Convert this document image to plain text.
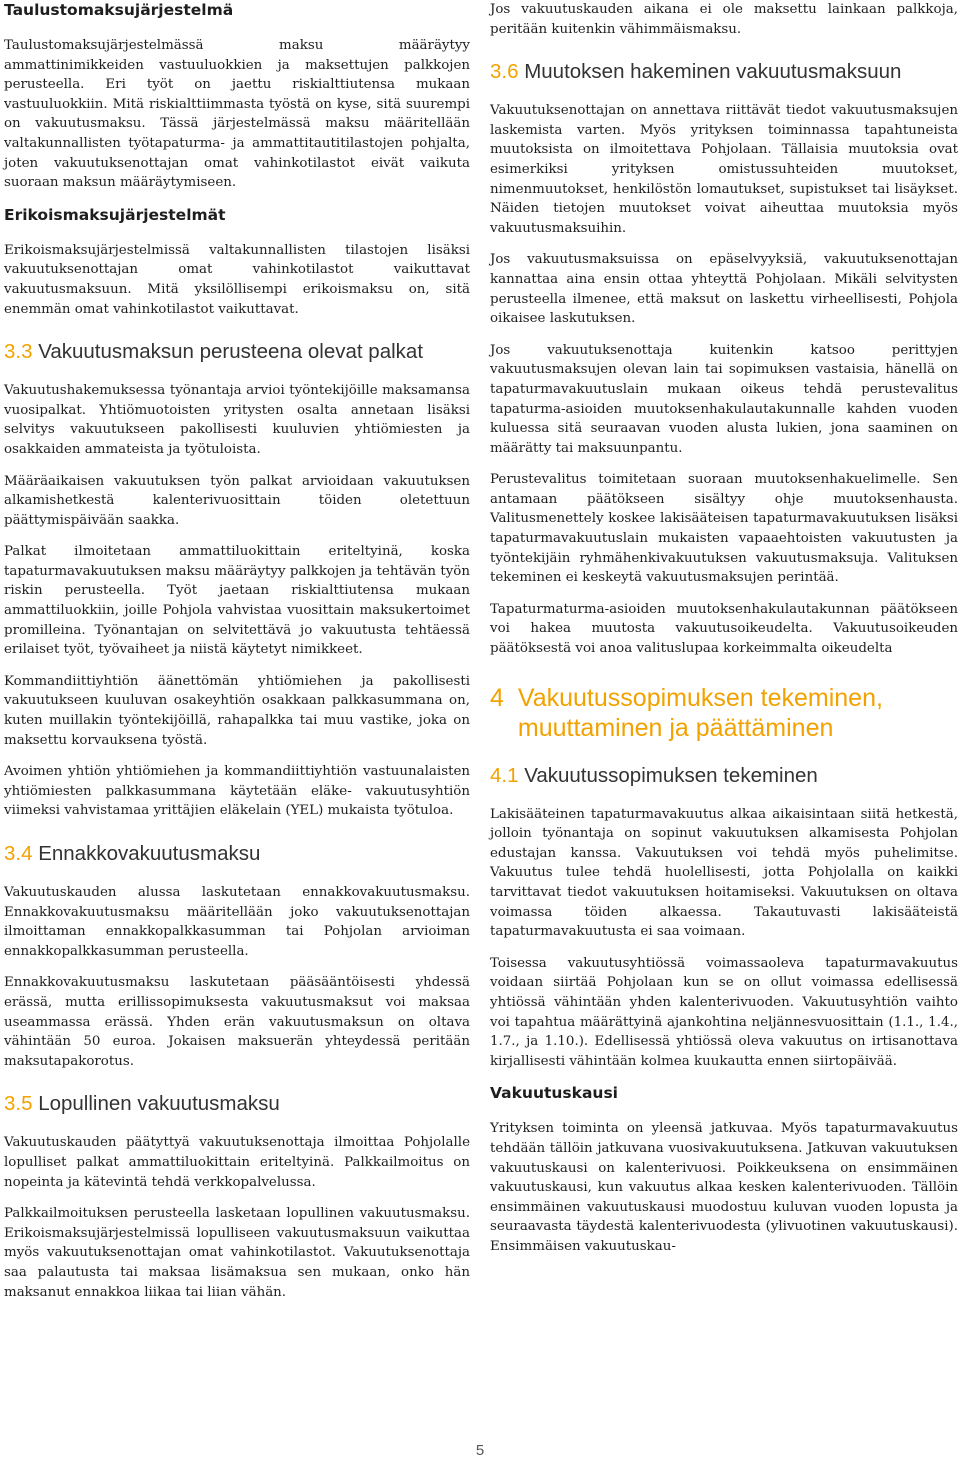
Taulustomaksujärjestelmä

Taulustomaksujärjestelmässä maksu määräytyy ammattinimikkeiden vastuuluokkien ja maksettujen palkkojen perusteella. Eri työt on jaettu riskialttiutensa mukaan vastuuluokkiin. Mitä riskialttiimmasta työstä on kyse, sitä suurempi on vakuutusmaksu. Tässä järjestelmässä maksu määritellään valtakunnallisten työtapaturma- ja ammattitautitilastojen pohjalta, joten vakuutuksenottajan omat vahinkotilastot eivät vaikuta suoraan maksun määräytymiseen.

Erikoismaksujärjestelmät

Erikoismaksujärjestelmissä valtakunnallisten tilastojen lisäksi vakuutuksenottajan omat vahinkotilastot vaikuttavat vakuutusmaksuun. Mitä yksilöllisempi erikoismaksu on, sitä enemmän omat vahinkotilastot vaikuttavat.

3.3 Vakuutusmaksun perusteena olevat palkat

Vakuutushakemuksessa työnantaja arvioi työntekijöille maksamansa vuosipalkat. Yhtiömuotoisten yritysten osalta annetaan lisäksi selvitys vakuutukseen pakollisesti kuuluvien yhtiömiesten ja osakkaiden ammateista ja työtuloista.

Määräaikaisen vakuutuksen työn palkat arvioidaan vakuutuksen alkamishetkestä kalenterivuosittain töiden oletettuun päättymispäivään saakka.

Palkat ilmoitetaan ammattiluokittain eriteltyinä, koska tapaturmavakuutuksen maksu määräytyy palkkojen ja tehtävän työn riskin perusteella. Työt jaetaan riskialttiutensa mukaan ammattiluokkiin, joille Pohjola vahvistaa vuosittain maksukertoimet promilleina. Työnantajan on selvitettävä jo vakuutusta tehtäessä erilaiset työt, työvaiheet ja niistä käytetyt nimikkeet.

Kommandiittiyhtiön äänettömän yhtiömiehen ja pakollisesti vakuutukseen kuuluvan osakeyhtiön osakkaan palkkasummana on, kuten muillakin työntekijöillä, rahapalkka tai muu vastike, joka on maksettu korvauksena työstä.

Avoimen yhtiön yhtiömiehen ja kommandiittiyhtiön vastuunalaisten yhtiömiesten palkkasummana käytetään eläke- vakuutusyhtiön viimeksi vahvistamaa yrittäjien eläkelain (YEL) mukaista työtuloa.

3.4 Ennakkovakuutusmaksu

Vakuutuskauden alussa laskutetaan ennakkovakuutusmaksu. Ennakkovakuutusmaksu määritellään joko vakuutuksenottajan ilmoittaman ennakkopalkkasumman tai Pohjolan arvioiman ennakkopalkkasumman perusteella.

Ennakkovakuutusmaksu laskutetaan pääsääntöisesti yhdessä erässä, mutta erillissopimuksesta vakuutusmaksut voi maksaa useammassa erässä. Yhden erän vakuutusmaksun on oltava vähintään 50 euroa. Jokaisen maksuerän yhteydessä peritään maksutapakorotus.

3.5 Lopullinen vakuutusmaksu

Vakuutuskauden päätyttyä vakuutuksenottaja ilmoittaa Pohjolalle lopulliset palkat ammattiluokittain eriteltyinä. Palkkailmoitus on nopeinta ja kätevintä tehdä verkkopalvelussa.

Palkkailmoituksen perusteella lasketaan lopullinen vakuutusmaksu. Erikoismaksujärjestelmissä lopulliseen vakuutusmaksuun vaikuttaa myös vakuutuksenottajan omat vahinkotilastot. Vakuutuksenottaja saa palautusta tai maksaa lisämaksua sen mukaan, onko hän maksanut ennakkoa liikaa tai liian vähän.

Jos vakuutuskauden aikana ei ole maksettu lainkaan palkkoja, peritään kuitenkin vähimmäismaksu.

3.6 Muutoksen hakeminen vakuutusmaksuun

Vakuutuksenottajan on annettava riittävät tiedot vakuutusmaksujen laskemista varten. Myös yrityksen toiminnassa tapahtuneista muutoksista on ilmoitettava Pohjolaan. Tällaisia muutoksia ovat esimerkiksi yrityksen omistussuhteiden muutokset, nimenmuutokset, henkilöstön lomautukset, supistukset tai lisäykset. Näiden tietojen muutokset voivat aiheuttaa muutoksia myös vakuutusmaksuihin.

Jos vakuutusmaksuissa on epäselvyyksiä, vakuutuksenottajan kannattaa aina ensin ottaa yhteyttä Pohjolaan. Mikäli selvitysten perusteella ilmenee, että maksut on laskettu virheellisesti, Pohjola oikaisee laskutuksen.

Jos vakuutuksenottaja kuitenkin katsoo perittyjen vakuutusmaksujen olevan lain tai sopimuksen vastaisia, hänellä on tapaturmavakuutuslain mukaan oikeus tehdä perustevalitus tapaturma-asioiden muutoksenhakulautakunnalle kahden vuoden kuluessa sitä seuraavan vuoden alusta lukien, jona saaminen on määrätty tai maksuunpantu.

Perustevalitus toimitetaan suoraan muutoksenhakuelimelle. Sen antamaan päätökseen sisältyy ohje muutoksenhausta. Valitusmenettely koskee lakisääteisen tapaturmavakuutuksen lisäksi tapaturmavakuutuslain mukaisten vapaaehtoisten vakuutusten ja työntekijäin ryhmähenkivakuutuksen vakuutusmaksuja. Valituksen tekeminen ei keskeytä vakuutusmaksujen perintää.

Tapaturmaturma-asioiden muutoksenhakulautakunnan päätökseen voi hakea muutosta vakuutusoikeudelta. Vakuutusoikeuden päätöksestä voi anoa valituslupaa korkeimmalta oikeudelta

4 Vakuutussopimuksen tekeminen, muuttaminen ja päättäminen
4.1 Vakuutussopimuksen tekeminen

Lakisääteinen tapaturmavakuutus alkaa aikaisintaan siitä hetkestä, jolloin työnantaja on sopinut vakuutuksen alkamisesta Pohjolan edustajan kanssa. Vakuutuksen voi tehdä myös puhelimitse. Vakuutus tulee tehdä huolellisesti, jotta Pohjolalla on kaikki tarvittavat tiedot vakuutuksen hoitamiseksi. Vakuutuksen on oltava voimassa töiden alkaessa. Takautuvasti lakisääteistä tapaturmavakuutusta ei saa voimaan.

Toisessa vakuutusyhtiössä voimassaoleva tapaturmavakuutus voidaan siirtää Pohjolaan kun se on ollut voimassa edellisessä yhtiössä vähintään yhden kalenterivuoden. Vakuutusyhtiön vaihto voi tapahtua määrättyinä ajankohtina neljännesvuosittain (1.1., 1.4., 1.7., ja 1.10.). Edellisessä yhtiössä oleva vakuutus on irtisanottava kirjallisesti vähintään kolmea kuukautta ennen siirtopäivää.

Vakuutuskausi

Yrityksen toiminta on yleensä jatkuvaa. Myös tapaturmavakuutus tehdään tällöin jatkuvana vuosivakuutuksena. Jatkuvan vakuutuksen vakuutuskausi on kalenterivuosi. Poikkeuksena on ensimmäinen vakuutuskausi, kun vakuutus alkaa kesken kalenterivuoden. Tällöin ensimmäinen vakuutuskausi muodostuu kuluvan vuoden lopusta ja seuraavasta täydestä kalenterivuodesta (ylivuotinen vakuutuskausi). Ensimmäisen vakuutuskau-

5
